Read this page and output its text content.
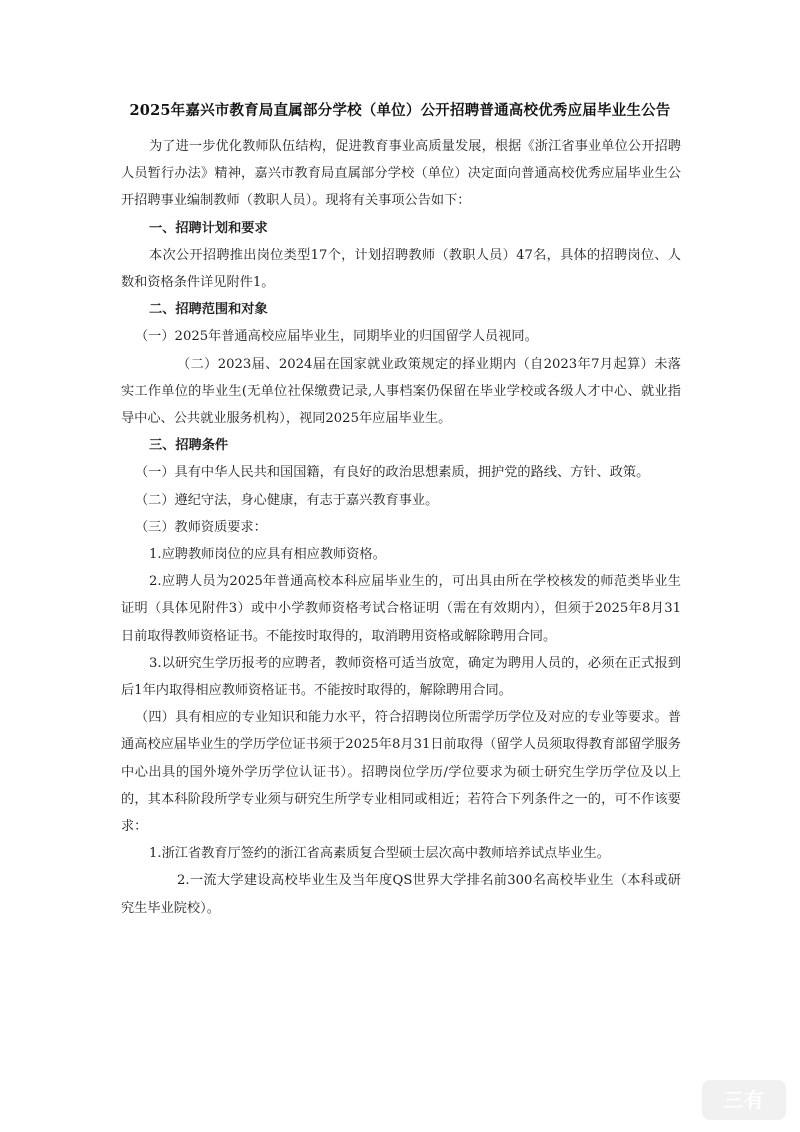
2025年嘉兴市教育局直属部分学校（单位）公开招聘普通高校优秀应届毕业生公告

为了进一步优化教师队伍结构，促进教育事业高质量发展，根据《浙江省事业单位公开招聘人员暂行办法》精神，嘉兴市教育局直属部分学校（单位）决定面向普通高校优秀应届毕业生公开招聘事业编制教师（教职人员）。现将有关事项公告如下：

一、招聘计划和要求

本次公开招聘推出岗位类型17个，计划招聘教师（教职人员）47名，具体的招聘岗位、人数和资格条件详见附件1。

二、招聘范围和对象

（一）2025年普通高校应届毕业生，同期毕业的归国留学人员视同。

（二）2023届、2024届在国家就业政策规定的择业期内（自2023年7月起算）未落实工作单位的毕业生(无单位社保缴费记录,人事档案仍保留在毕业学校或各级人才中心、就业指导中心、公共就业服务机构），视同2025年应届毕业生。

三、招聘条件

（一）具有中华人民共和国国籍，有良好的政治思想素质，拥护党的路线、方针、政策。

（二）遵纪守法，身心健康，有志于嘉兴教育事业。

（三）教师资质要求：

1.应聘教师岗位的应具有相应教师资格。

2.应聘人员为2025年普通高校本科应届毕业生的，可出具由所在学校核发的师范类毕业生证明（具体见附件3）或中小学教师资格考试合格证明（需在有效期内），但须于2025年8月31日前取得教师资格证书。不能按时取得的，取消聘用资格或解除聘用合同。

3.以研究生学历报考的应聘者，教师资格可适当放宽，确定为聘用人员的，必须在正式报到后1年内取得相应教师资格证书。不能按时取得的，解除聘用合同。

（四）具有相应的专业知识和能力水平，符合招聘岗位所需学历学位及对应的专业等要求。普通高校应届毕业生的学历学位证书须于2025年8月31日前取得（留学人员须取得教育部留学服务中心出具的国外境外学历学位认证书）。招聘岗位学历/学位要求为硕士研究生学历学位及以上的，其本科阶段所学专业须与研究生所学专业相同或相近；若符合下列条件之一的，可不作该要求：

1.浙江省教育厅签约的浙江省高素质复合型硕士层次高中教师培养试点毕业生。

2.一流大学建设高校毕业生及当年度QS世界大学排名前300名高校毕业生（本科或研究生毕业院校）。

三有
